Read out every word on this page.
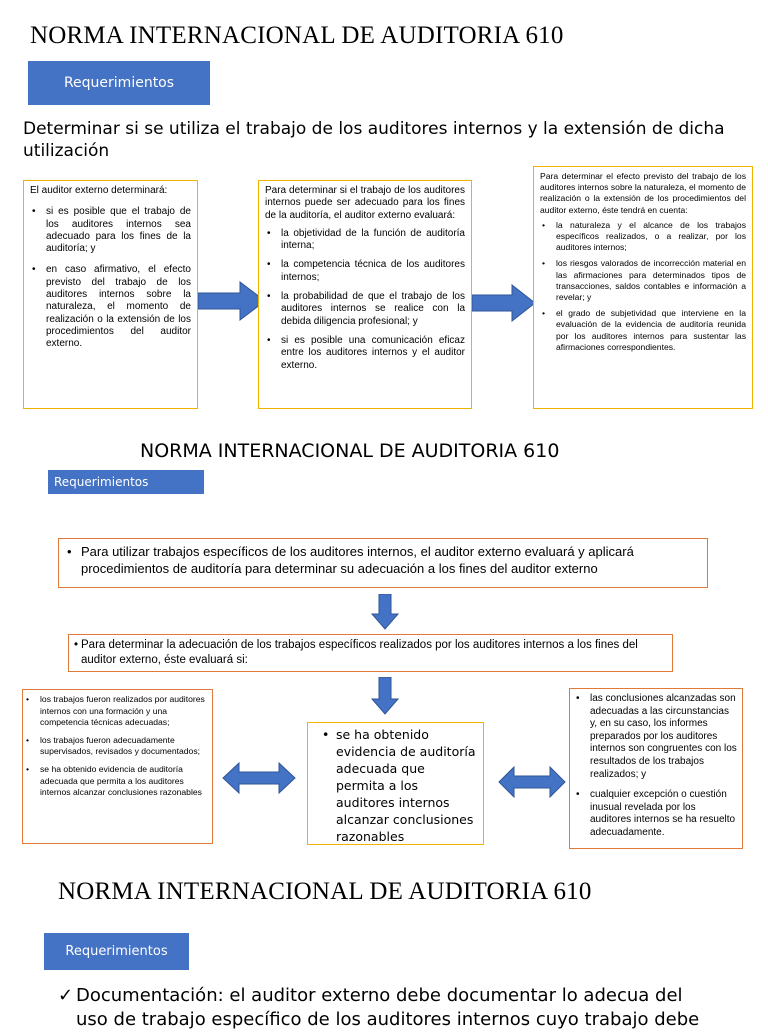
NORMA INTERNACIONAL DE AUDITORIA 610
Requerimientos
Determinar si se utiliza el trabajo de los auditores internos y la extensión de dicha utilización
El auditor externo determinará:
• si es posible que el trabajo de los auditores internos sea adecuado para los fines de la auditoría; y
• en caso afirmativo, el efecto previsto del trabajo de los auditores internos sobre la naturaleza, el momento de realización o la extensión de los procedimientos del auditor externo.
Para determinar si el trabajo de los auditores internos puede ser adecuado para los fines de la auditoría, el auditor externo evaluará:
• la objetividad de la función de auditoría interna;
• la competencia técnica de los auditores internos;
• la probabilidad de que el trabajo de los auditores internos se realice con la debida diligencia profesional; y
• si es posible una comunicación eficaz entre los auditores internos y el auditor externo.
Para determinar el efecto previsto del trabajo de los auditores internos sobre la naturaleza, el momento de realización o la extensión de los procedimientos del auditor externo, éste tendrá en cuenta:
• la naturaleza y el alcance de los trabajos específicos realizados, o a realizar, por los auditores internos;
• los riesgos valorados de incorrección material en las afirmaciones para determinados tipos de transacciones, saldos contables e información a revelar; y
• el grado de subjetividad que interviene en la evaluación de la evidencia de auditoría reunida por los auditores internos para sustentar las afirmaciones correspondientes.
NORMA INTERNACIONAL DE AUDITORIA 610
Requerimientos
• Para utilizar trabajos específicos de los auditores internos, el auditor externo evaluará y aplicará procedimientos de auditoría para determinar su adecuación a los fines del auditor externo
• Para determinar la adecuación de los trabajos específicos realizados por los auditores internos a los fines del auditor externo, éste evaluará si:
• los trabajos fueron realizados por auditores internos con una formación y una competencia técnicas adecuadas;
• los trabajos fueron adecuadamente supervisados, revisados y documentados;
• se ha obtenido evidencia de auditoría adecuada que permita a los auditores internos alcanzar conclusiones razonables
• se ha obtenido evidencia de auditoría adecuada que permita a los auditores internos alcanzar conclusiones razonables
• las conclusiones alcanzadas son adecuadas a las circunstancias y, en su caso, los informes preparados por los auditores internos son congruentes con los resultados de los trabajos realizados; y
• cualquier excepción o cuestión inusual revelada por los auditores internos se ha resuelto adecuadamente.
NORMA INTERNACIONAL DE AUDITORIA 610
Requerimientos
✓ Documentación: el auditor externo debe documentar lo adecua del uso de trabajo específico de los auditores internos cuyo trabajo debe
